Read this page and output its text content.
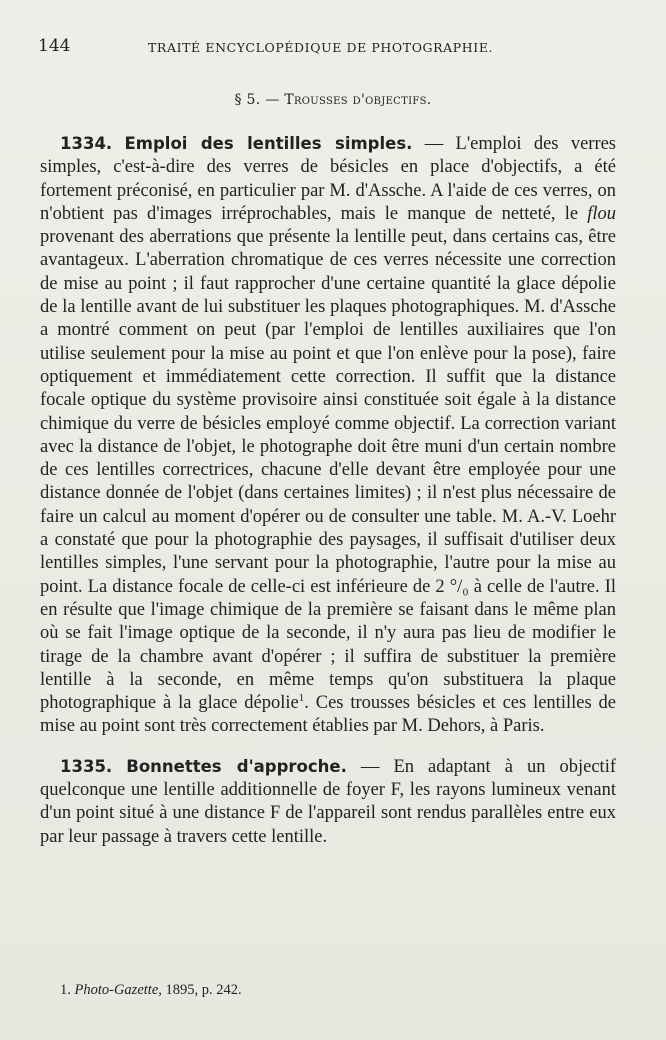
144	TRAITÉ ENCYCLOPÉDIQUE DE PHOTOGRAPHIE.
§ 5. — Trousses d'objectifs.

1334. Emploi des lentilles simples. — L'emploi des verres simples, c'est-à-dire des verres de bésicles en place d'objectifs, a été fortement préconisé, en particulier par M. d'Assche. A l'aide de ces verres, on n'obtient pas d'images irréprochables, mais le manque de netteté, le flou provenant des aberrations que présente la lentille peut, dans certains cas, être avantageux. L'aberration chromatique de ces verres nécessite une correction de mise au point ; il faut rapprocher d'une certaine quantité la glace dépolie de la lentille avant de lui substituer les plaques photographiques. M. d'Assche a montré comment on peut (par l'emploi de lentilles auxiliaires que l'on utilise seulement pour la mise au point et que l'on enlève pour la pose), faire optiquement et immédiatement cette correction. Il suffit que la distance focale optique du système provisoire ainsi constituée soit égale à la distance chimique du verre de bésicles employé comme objectif. La correction variant avec la distance de l'objet, le photographe doit être muni d'un certain nombre de ces lentilles correctrices, chacune d'elle devant être employée pour une distance donnée de l'objet (dans certaines limites) ; il n'est plus nécessaire de faire un calcul au moment d'opérer ou de consulter une table. M. A.-V. Loehr a constaté que pour la photographie des paysages, il suffisait d'utiliser deux lentilles simples, l'une servant pour la photographie, l'autre pour la mise au point. La distance focale de celle-ci est inférieure de 2 °/₀ à celle de l'autre. Il en résulte que l'image chimique de la première se faisant dans le même plan où se fait l'image optique de la seconde, il n'y aura pas lieu de modifier le tirage de la chambre avant d'opérer ; il suffira de substituer la première lentille à la seconde, en même temps qu'on substituera la plaque photographique à la glace dépolie$^1$. Ces trousses bésicles et ces lentilles de mise au point sont très correctement établies par M. Dehors, à Paris.

1335. Bonnettes d'approche. — En adaptant à un objectif quelconque une lentille additionnelle de foyer F, les rayons lumineux venant d'un point situé à une distance F de l'appareil sont rendus parallèles entre eux par leur passage à travers cette lentille.

1. Photo-Gazette, 1895, p. 242.
